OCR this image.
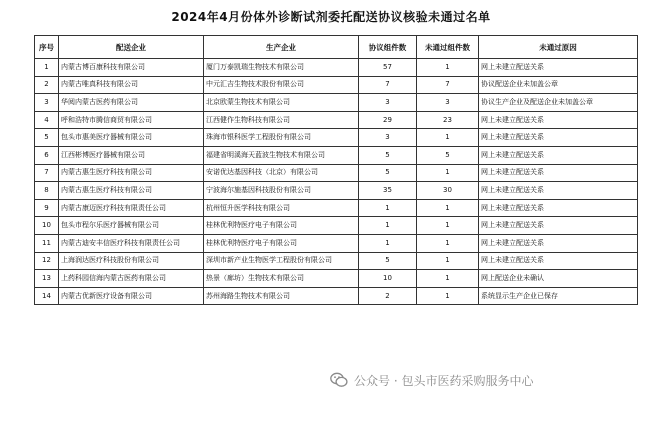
2024年4月份体外诊断试剂委托配送协议核验未通过名单
序号	配送企业	生产企业	协议组件数	未通过组件数	未通过原因
1	内蒙古博百康科技有限公司	厦门万泰凯瑞生物技术有限公司	57	1	网上未建立配送关系
2	内蒙古唯真科技有限公司	中元汇吉生物技术股份有限公司	7	7	协议配送企业未加盖公章
3	华阅内蒙古医药有限公司	北京欧蒙生物技术有限公司	3	3	协议生产企业及配送企业未加盖公章
4	呼和浩特市腾信商贸有限公司	江西健作生物科技有限公司	29	23	网上未建立配送关系
5	包头市惠美医疗器械有限公司	珠海市银科医学工程股份有限公司	3	1	网上未建立配送关系
6	江西彬博医疗器械有限公司	福建省明溪海天蓝波生物技术有限公司	5	5	网上未建立配送关系
7	内蒙古惠生医疗科技有限公司	安诺优达基因科技（北京）有限公司	5	1	网上未建立配送关系
8	内蒙古惠生医疗科技有限公司	宁波海尔施基因科技股份有限公司	35	30	网上未建立配送关系
9	内蒙古康迈医疗科技有限责任公司	杭州恒升医学科技有限公司	1	1	网上未建立配送关系
10	包头市程尔乐医疗器械有限公司	桂林优利特医疗电子有限公司	1	1	网上未建立配送关系
11	内蒙古迪安丰信医疗科技有限责任公司	桂林优利特医疗电子有限公司	1	1	网上未建立配送关系
12	上海润达医疗科技股份有限公司	深圳市新产业生物医学工程股份有限公司	5	1	网上未建立配送关系
13	上药科园信海内蒙古医药有限公司	热景（廊坊）生物技术有限公司	10	1	网上配送企业未确认
14	内蒙古优新医疗设备有限公司	苏州海路生物技术有限公司	2	1	系统显示生产企业已保存
公众号 · 包头市医药采购服务中心
